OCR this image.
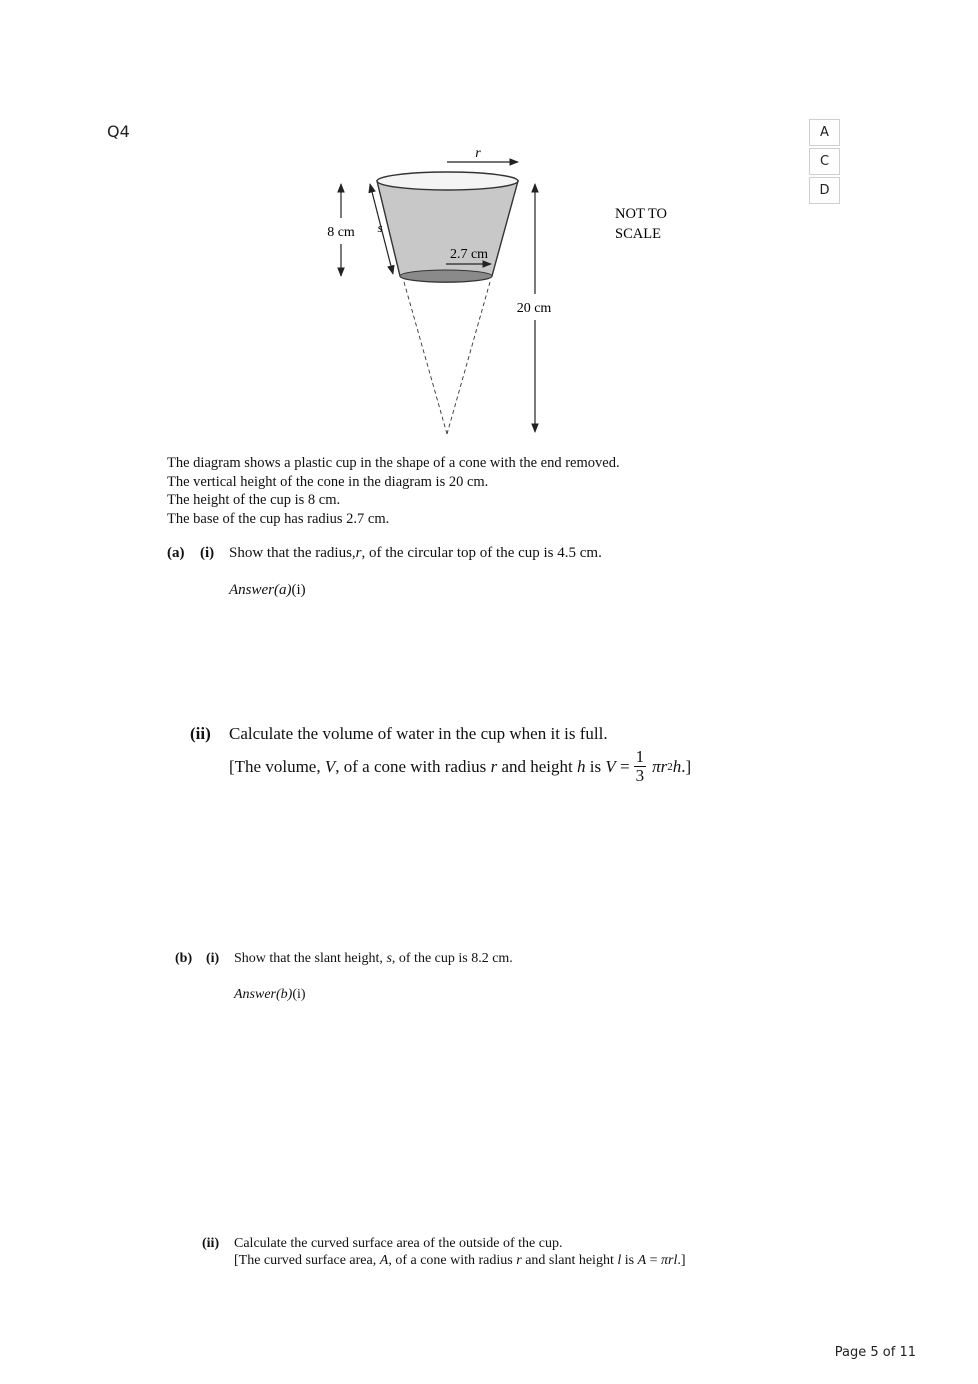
Q4	A
C
D
r
8 cm s
2.7 cm
20 cm
NOT TO
SCALE
The diagram shows a plastic cup in the shape of a cone with the end removed.
The vertical height of the cone in the diagram is 20 cm.
The height of the cup is 8 cm.
The base of the cup has radius 2.7 cm.
(a)	(i) Show that the radius, r , of the circular top of the cup is 4.5 cm.
Answer(a)(i)
(ii)	Calculate the volume of water in the cup when it is full.
[The volume, V , of a cone with radius r and height h is $V = \frac{1}{3}$ πr 2 h .]
(b) (i)	Show that the slant height, s , of the cup is 8.2 cm.
Answer(b)(i)
(ii)	Calculate the curved surface area of the outside of the cup.
[The curved surface area, A, of a cone with radius r and slant height l is A = πrl.]
Page 5 of 11
